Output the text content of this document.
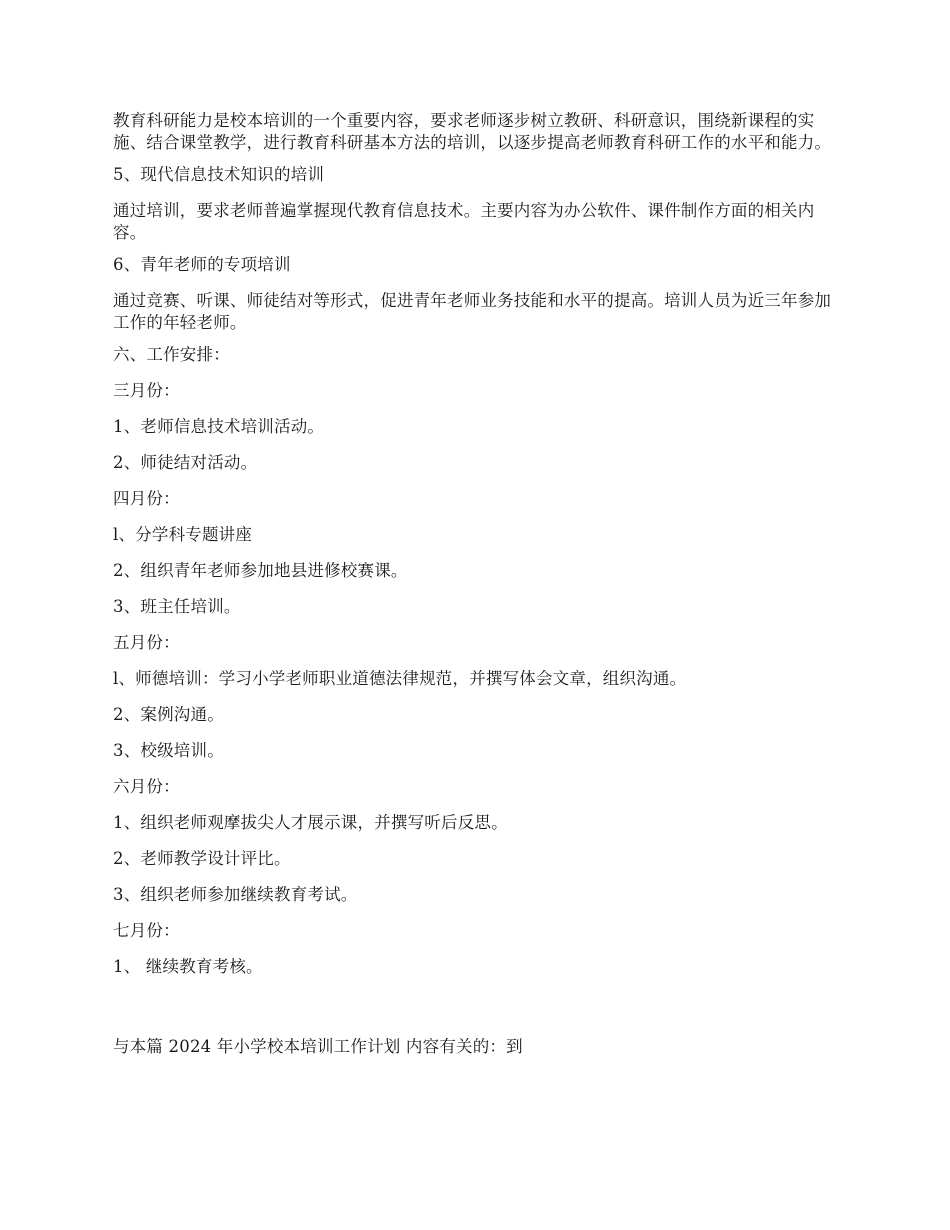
教育科研能力是校本培训的一个重要内容，要求老师逐步树立教研、科研意识，围绕新课程的实施、结合课堂教学，进行教育科研基本方法的培训，以逐步提高老师教育科研工作的水平和能力。

5、现代信息技术知识的培训

通过培训，要求老师普遍掌握现代教育信息技术。主要内容为办公软件、课件制作方面的相关内容。

6、青年老师的专项培训

通过竞赛、听课、师徒结对等形式，促进青年老师业务技能和水平的提高。培训人员为近三年参加工作的年轻老师。

六、工作安排：

三月份：

1、老师信息技术培训活动。

2、师徒结对活动。

四月份：

l、分学科专题讲座

2、组织青年老师参加地县进修校赛课。

3、班主任培训。

五月份：

l、师德培训：学习小学老师职业道德法律规范，并撰写体会文章，组织沟通。

2、案例沟通。

3、校级培训。

六月份：

1、组织老师观摩拔尖人才展示课，并撰写听后反思。

2、老师教学设计评比。

3、组织老师参加继续教育考试。

七月份：

1、 继续教育考核。

与本篇 2024 年小学校本培训工作计划 内容有关的：到
